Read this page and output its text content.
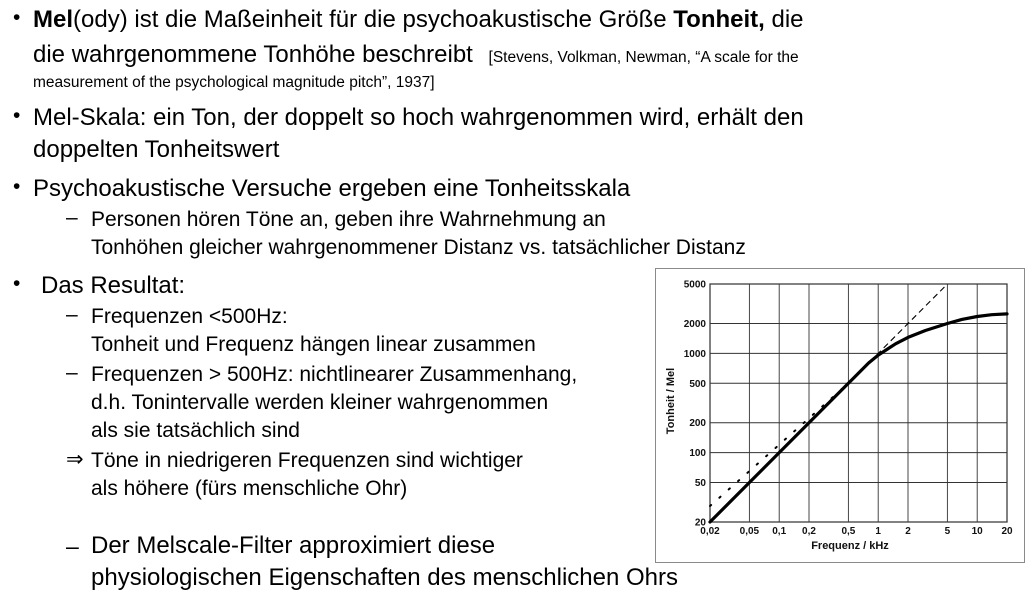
• Mel(ody) ist die Maßeinheit für die psychoakustische Größe Tonheit, die
die wahrgenommene Tonhöhe beschreibt [Stevens, Volkman, Newman, “A scale for the
measurement of the psychological magnitude pitch”, 1937]
• Mel-Skala: ein Ton, der doppelt so hoch wahrgenommen wird, erhält den
doppelten Tonheitswert
• Psychoakustische Versuche ergeben eine Tonheitsskala
– Personen hören Töne an, geben ihre Wahrnehmung an
Tonhöhen gleicher wahrgenommener Distanz vs. tatsächlicher Distanz
• Das Resultat:
– Frequenzen <500Hz:
Tonheit und Frequenz hängen linear zusammen
– Frequenzen > 500Hz: nichtlinearer Zusammenhang,
d.h. Tonintervalle werden kleiner wahrgenommen
als sie tatsächlich sind
⇒ Töne in niedrigeren Frequenzen sind wichtiger
als höhere (fürs menschliche Ohr)
– Der Melscale-Filter approximiert diese
physiologischen Eigenschaften des menschlichen Ohrs
0,02 0,05 0,1 0,2	0,5 1 2	5 10 20
20
50
100
200
500
1000
2000
5000
Frequenz / kHz
Tonheit / Mel
